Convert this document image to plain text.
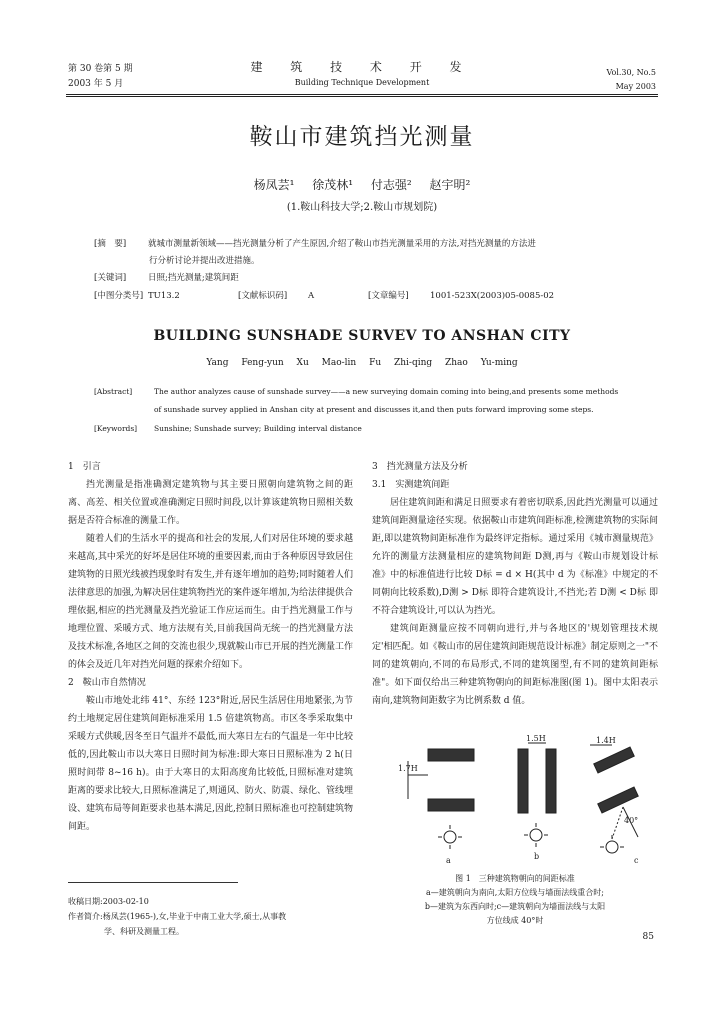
第 30 卷第 5 期
2003 年 5 月
建 筑 技 术 开 发
Building Technique Development
Vol.30, No.5
May 2003
鞍山市建筑挡光测量
杨凤芸¹ 徐茂林¹ 付志强² 赵宇明²
(1.鞍山科技大学;2.鞍山市规划院)
[摘　要]	就城市测量新领域——挡光测量分析了产生原因,介绍了鞍山市挡光测量采用的方法,对挡光测量的方法进
行分析讨论并提出改进措施。
[关键词]	日照;挡光测量;建筑间距
[中图分类号] TU13.2	[文献标识码] A	[文章编号]	1001-523X(2003)05-0085-02
BUILDING SUNSHADE SURVEV TO ANSHAN CITY
Yang Feng-yun Xu Mao-lin Fu Zhi-qing Zhao Yu-ming
[Abstract]	The author analyzes cause of sunshade survey——a new surveying domain coming into being,and presents some methods
of sunshade survey applied in Anshan city at present and discusses it,and then puts forward improving some steps.
[Keywords] Sunshine; Sunshade survey; Building interval distance

1　引言

挡光测量是指准确测定建筑物与其主要日照朝向建筑物之间的距离、高差、相关位置或准确测定日照时间段,以计算该建筑物日照相关数据是否符合标准的测量工作。

随着人们的生活水平的提高和社会的发展,人们对居住环境的要求越来越高,其中采光的好坏是居住环境的重要因素,而由于各种原因导致居住建筑物的日照光线被挡现象时有发生,并有逐年增加的趋势;同时随着人们法律意思的加强,为解决居住建筑物挡光的案件逐年增加,为给法律提供合理依据,相应的挡光测量及挡光验证工作应运而生。由于挡光测量工作与地理位置、采暖方式、地方法规有关,目前我国尚无统一的挡光测量方法及技术标准,各地区之间的交流也很少,现就鞍山市已开展的挡光测量工作的体会及近几年对挡光问题的探索介绍如下。

2　鞍山市自然情况

鞍山市地处北纬 41°、东经 123°附近,居民生活居住用地紧张,为节约土地规定居住建筑间距标准采用 1.5 倍建筑物高。市区冬季采取集中采暖方式供暖,因冬至日气温并不最低,而大寒日左右的气温是一年中比较低的,因此鞍山市以大寒日日照时间为标准:即大寒日日照标准为 2 h(日照时间带 8~16 h)。由于大寒日的太阳高度角比较低,日照标准对建筑距离的要求比较大,日照标准满足了,则通风、防火、防震、绿化、管线埋设、建筑布局等间距要求也基本满足,因此,控制日照标准也可控制建筑物间距。

3　挡光测量方法及分析

3.1　实测建筑间距

居住建筑间距和满足日照要求有着密切联系,因此挡光测量可以通过建筑间距测量途径实现。依据鞍山市建筑间距标准,检测建筑物的实际间距,即以建筑物间距标准作为最终评定指标。通过采用《城市测量规范》允许的测量方法测量相应的建筑物间距 D测,再与《鞍山市规划设计标准》中的标准值进行比较 D标 = d × H(其中 d 为《标准》中规定的不同朝向比较系数),D测 > D标 即符合建筑设计,不挡光;若 D测 < D标 即不符合建筑设计,可以认为挡光。

建筑间距测量应按不同朝向进行,并与各地区的'规划管理技术规定'相匹配。如《鞍山市的居住建筑间距规范设计标准》制定原则之一"不同的建筑朝向,不同的布局形式,不同的建筑图型,有不同的建筑间距标准"。如下面仅给出三种建筑物朝向的间距标准图(图 1)。图中太阳表示南向,建筑物间距数字为比例系数 d 值。

1.5H	1.4H
1.7H
40°
a	b	c
图 1　三种建筑物朝向的间距标准
a—建筑朝向为南向,太阳方位线与墙面法线重合时;
b—建筑为东西向时;c—建筑朝向为墙面法线与太阳
方位线成 40°时
收稿日期:2003-02-10
作者简介:杨凤芸(1965-),女,毕业于中南工业大学,硕士,从事教
学、科研及测量工程。
85
